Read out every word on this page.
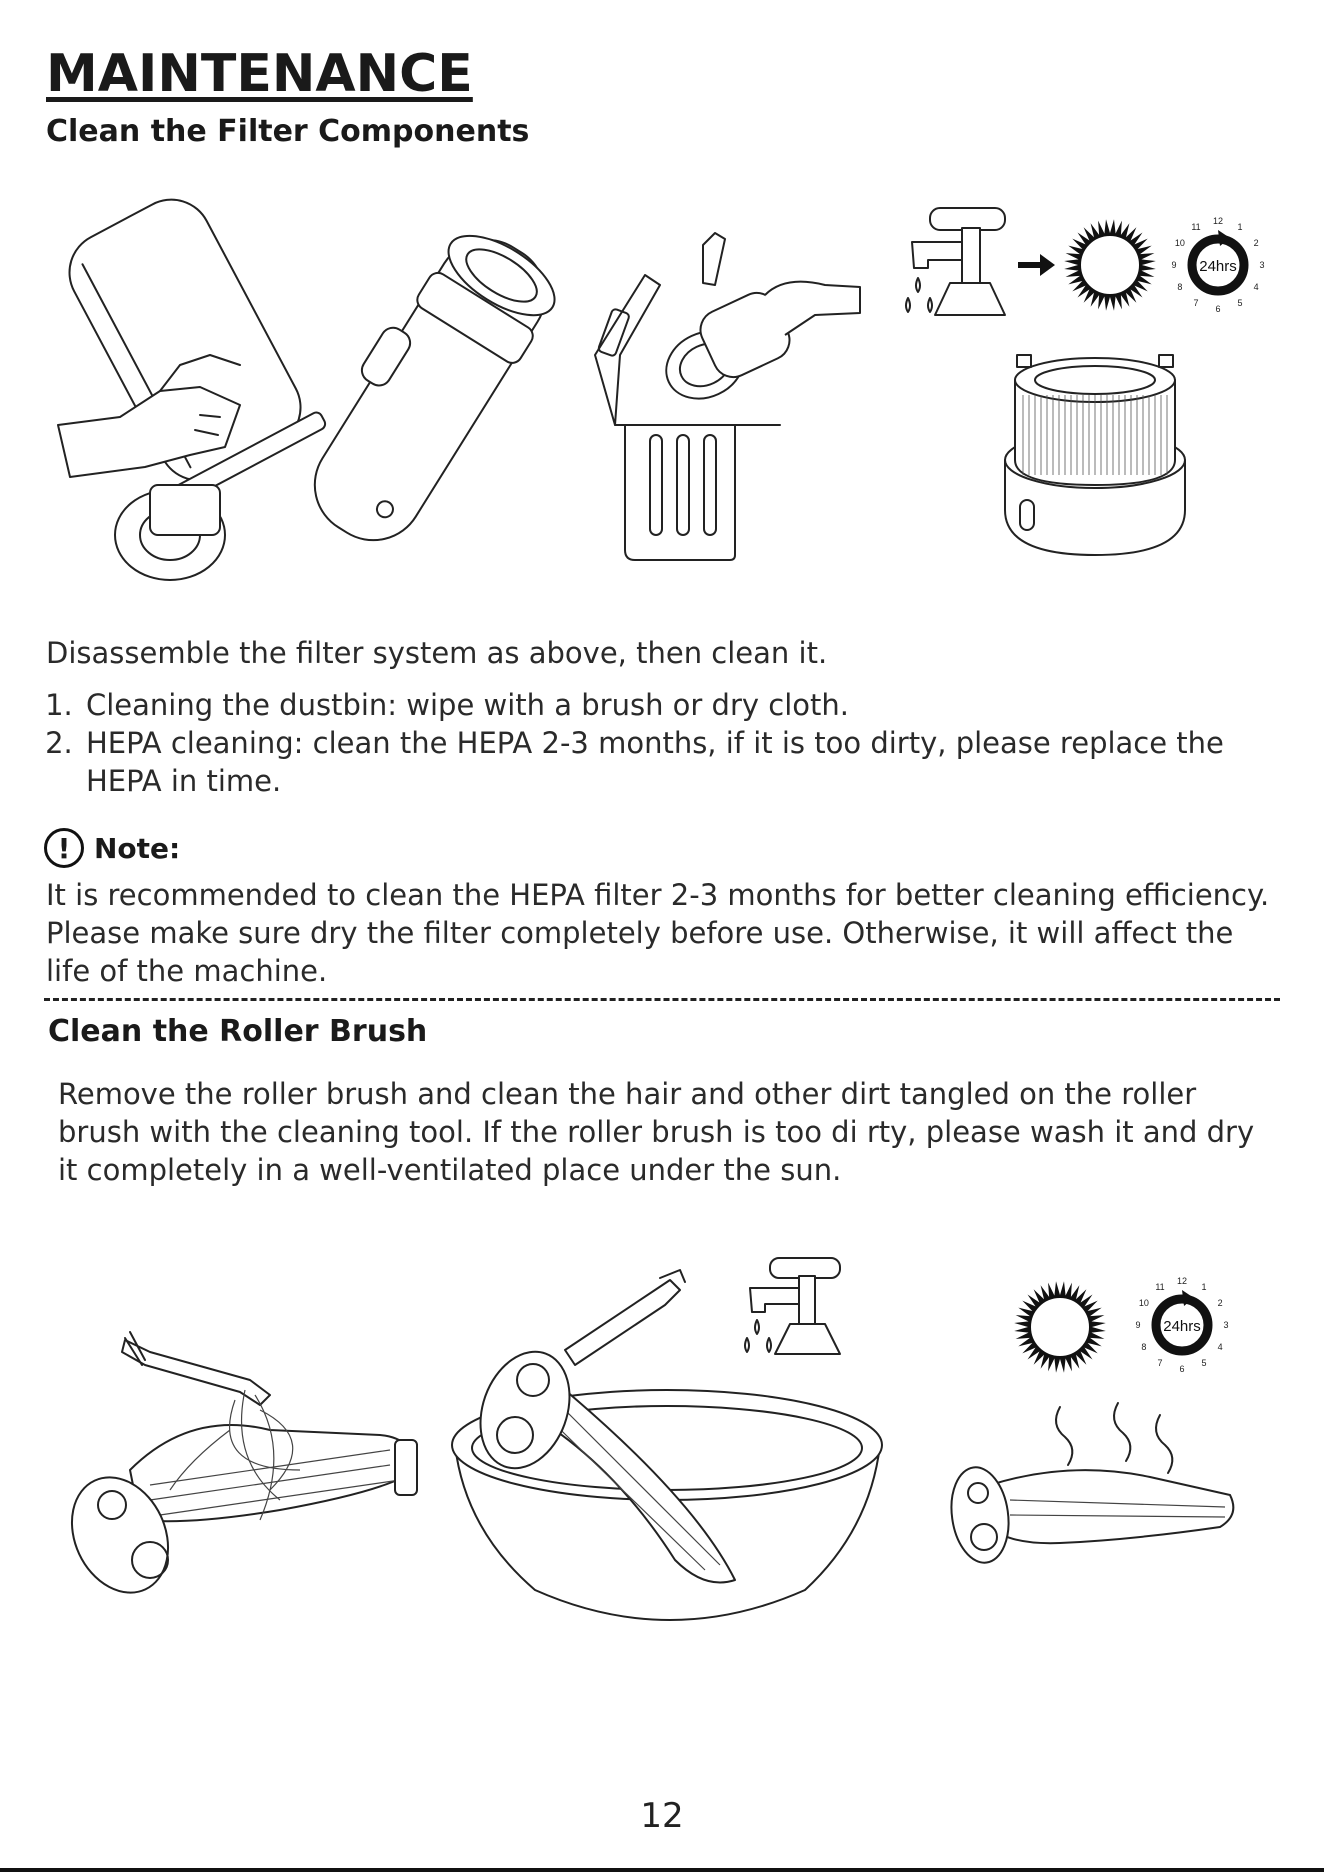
MAINTENANCE
Clean the Filter Components
24hrs
1
2
3
4
5
6
7
8
9
10
11
12

Disassemble the filter system as above, then clean it.

1. Cleaning the dustbin: wipe with a brush or dry cloth.
2. HEPA cleaning: clean the HEPA 2-3 months, if it is too dirty, please replace the HEPA in time.
! Note:

It is recommended to clean the HEPA filter 2-3 months for better cleaning efficiency. Please make sure dry the filter completely before use. Otherwise, it will affect the life of the machine.

Clean the Roller Brush

Remove the roller brush and clean the hair and other dirt tangled on the roller brush with the cleaning tool. If the roller brush is too di rty, please wash it and dry it completely in a well-ventilated place under the sun.

24hrs
1
2
3
4
5
6
7
8
9
10
11
12
12
